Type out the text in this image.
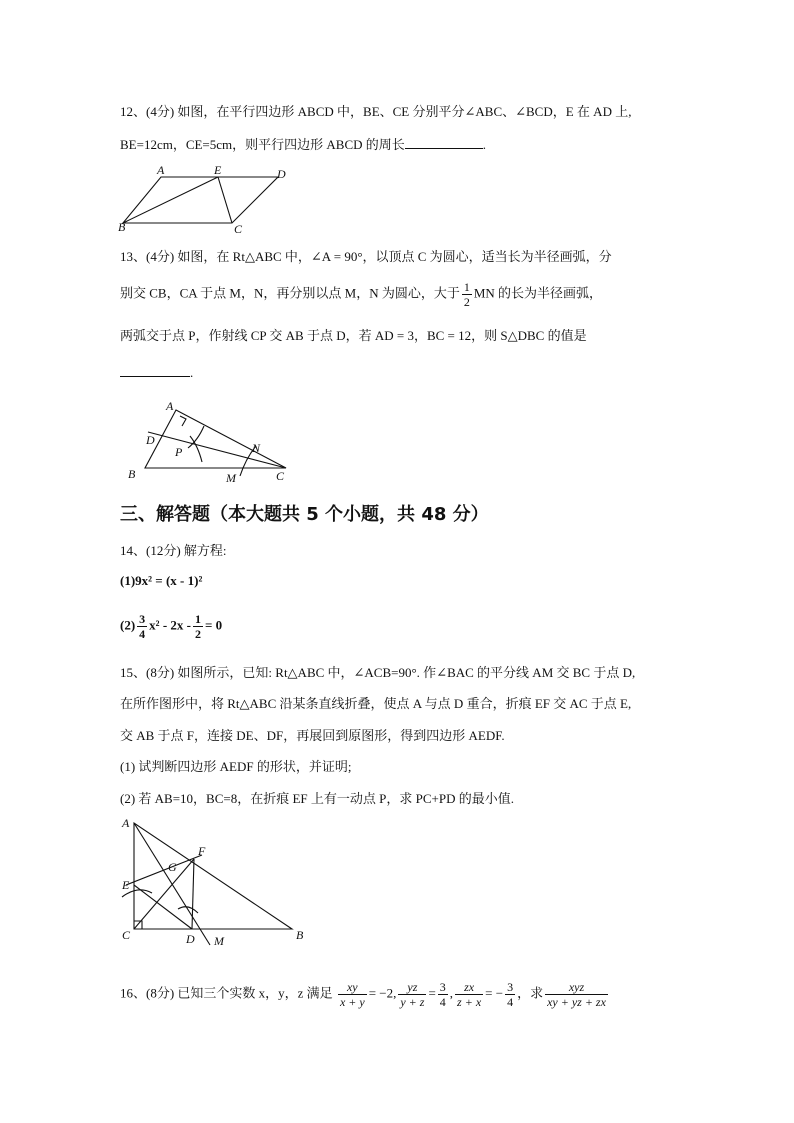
12、(4分) 如图，在平行四边形 ABCD 中，BE、CE 分别平分∠ABC、∠BCD，E 在 AD 上,
BE=12cm，CE=5cm，则平行四边形 ABCD 的周长	.
A	E	D
B	C
13、(4分) 如图，在 Rt△ABC 中，∠A = 90°，以顶点 C 为圆心，适当长为半径画弧，分
别交 CB，CA 于点 M，N，再分别以点 M，N 为圆心，大于 $\frac{1}{2}$ MN 的长为半径画弧，
两弧交于点 P，作射线 CP 交 AB 于点 D，若 AD = 3，BC = 12，则 S△DBC 的值是
.
A
D
P	N
B	M	C
三、解答题（本大题共 5 个小题，共 48 分）
14、(12分) 解方程:
(1)9x² = (x - 1)²
$(2) \frac{3}{4} x^2 - 2x - \frac{1}{2} = 0$
15、(8分) 如图所示，已知: Rt△ABC 中，∠ACB=90°. 作∠BAC 的平分线 AM 交 BC 于点 D,
在所作图形中，将 Rt△ABC 沿某条直线折叠，使点 A 与点 D 重合，折痕 EF 交 AC 于点 E,
交 AB 于点 F，连接 DE、DF，再展回到原图形，得到四边形 AEDF.
(1) 试判断四边形 AEDF 的形状，并证明;
(2) 若 AB=10，BC=8，在折痕 EF 上有一动点 P，求 PC+PD 的最小值.
A
G
F
E
C	D M	B
16、(8分) 已知三个实数 x，y，z 满足 $\frac{xy}{x + y} = -2$, $\frac{yz}{y + z} = \frac{3}{4}$ , $\frac{zx}{z + x}$ = − $\frac{3}{4}$ ，求 $\frac{\text{xyz}}{xy + yz + zx}$
